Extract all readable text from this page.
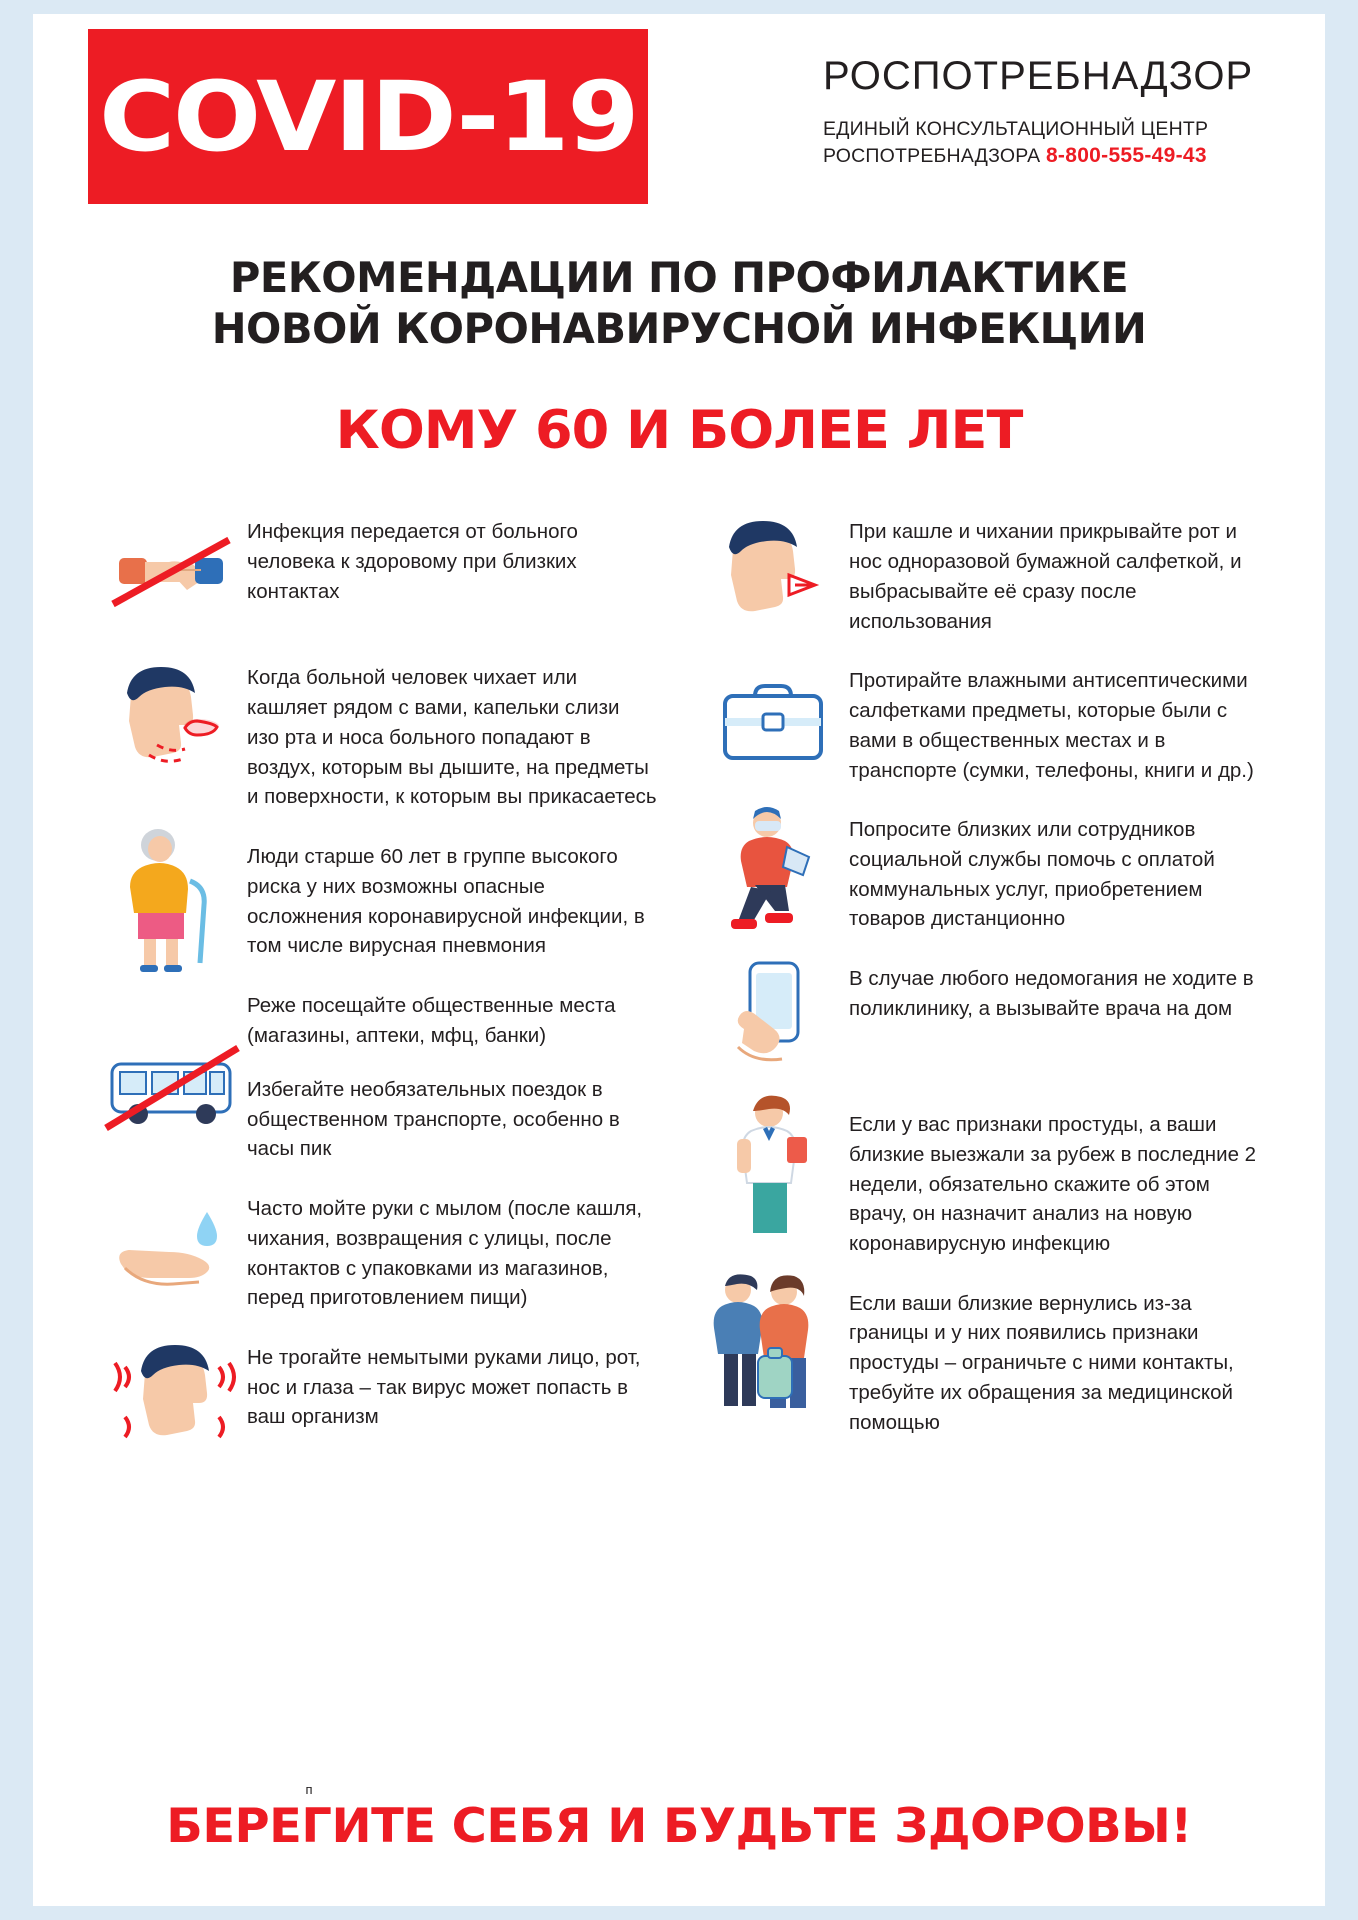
COVID-19	РОСПОТРЕБНАДЗОР
ЕДИНЫЙ КОНСУЛЬТАЦИОННЫЙ ЦЕНТР
РОСПОТРЕБНАДЗОРА 8-800-555-49-43
РЕКОМЕНДАЦИИ ПО ПРОФИЛАКТИКЕ
НОВОЙ КОРОНАВИРУСНОЙ ИНФЕКЦИИ
КОМУ 60 И БОЛЕЕ ЛЕТ
Инфекция передается от больного человека к здоровому при близких контактах
Когда больной человек чихает или кашляет рядом с вами, капельки слизи изо рта и носа больного попадают в воздух, которым вы дышите, на предметы и поверхности, к которым вы прикасаетесь
Люди старше 60 лет в группе высокого риска у них возможны опасные осложнения коронавирусной инфекции, в том числе вирусная пневмония
Реже посещайте общественные места (магазины, аптеки, мфц, банки)
Избегайте необязательных поездок в общественном транспорте, особенно в часы пик
Часто мойте руки с мылом (после кашля, чихания, возвращения с улицы, после контактов с упаковками из магазинов, перед приготовлением пищи)
Не трогайте немытыми руками лицо, рот, нос и глаза – так вирус может попасть в ваш организм
При кашле и чихании прикрывайте рот и нос одноразовой бумажной салфеткой, и выбрасывайте её сразу после использования
Протирайте влажными антисептическими салфетками предметы, которые были с вами в общественных местах и в транспорте (сумки, телефоны, книги и др.)
Попросите близких или сотрудников социальной службы помочь с оплатой коммунальных услуг, приобретением товаров дистанционно
В случае любого недомогания не ходите в поликлинику, а вызывайте врача на дом
Если у вас признаки простуды, а ваши близкие выезжали за рубеж в последние 2 недели, обязательно скажите об этом врачу, он назначит анализ на новую коронавирусную инфекцию
Если ваши близкие вернулись из-за границы и у них появились признаки простуды – ограничьте с ними контакты, требуйте их обращения за медицинской помощью
п
БЕРЕГИТЕ СЕБЯ И БУДЬТЕ ЗДОРОВЫ!
